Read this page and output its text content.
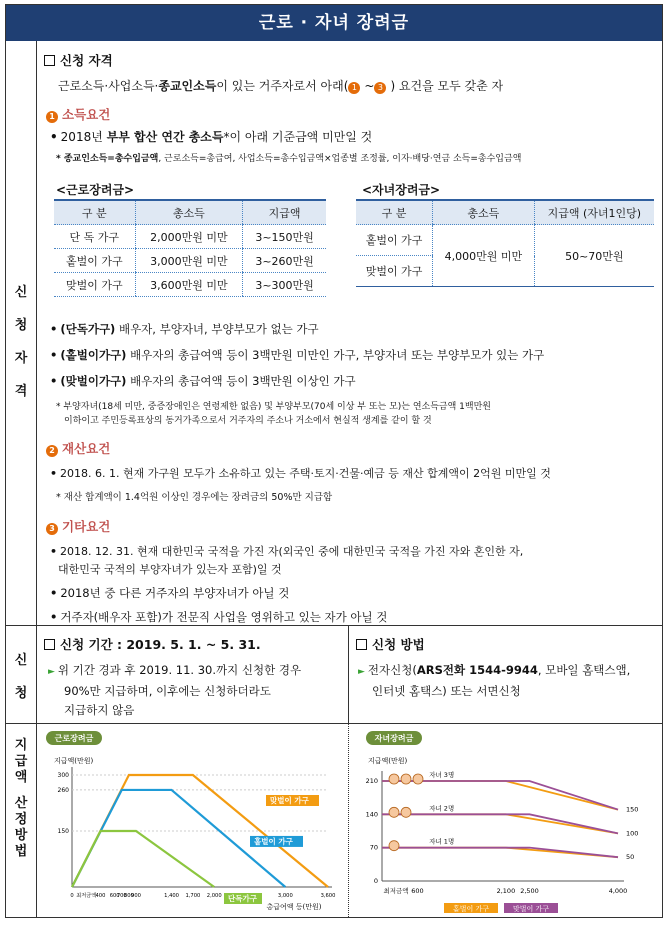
근로 · 자녀 장려금
신
청
자
격
신
청
지
급
액
산
정
방
법
신청 자격
근로소득·사업소득·종교인소득이 있는 거주자로서 아래( 1 ~ 3 ) 요건을 모두 갖춘 자
1 소득요건
• 2018년 부부 합산 연간 총소득*이 아래 기준금액 미만일 것
* 종교인소득=총수입금액, 근로소득=총급여, 사업소득=총수입금액×업종별 조정률, 이자·배당·연금 소득=총수입금액
<근로장려금>
구 분	총소득	지급액
단 독 가구	2,000만원 미만	3~150만원
홑벌이 가구	3,000만원 미만	3~260만원
맞벌이 가구	3,600만원 미만	3~300만원
<자녀장려금>
구 분	총소득	지급액 (자녀1인당)
홑벌이 가구	4,000만원 미만	50~70만원
맞벌이 가구		
• (단독가구) 배우자, 부양자녀, 부양부모가 없는 가구
• (홑벌이가구) 배우자의 총급여액 등이 3백만원 미만인 가구, 부양자녀 또는 부양부모가 있는 가구
• (맞벌이가구) 배우자의 총급여액 등이 3백만원 이상인 가구
* 부양자녀(18세 미만, 중증장애인은 연령제한 없음) 및 부양부모(70세 이상 부 또는 모)는 연소득금액 1백만원
이하이고 주민등록표상의 동거가족으로서 거주자의 주소나 거소에서 현실적 생계를 같이 할 것
2 재산요건
• 2018. 6. 1. 현재 가구원 모두가 소유하고 있는 주택·토지·건물·예금 등 재산 합계액이 2억원 미만일 것
* 재산 합계액이 1.4억원 이상인 경우에는 장려금의 50%만 지급함
3 기타요건
• 2018. 12. 31. 현재 대한민국 국적을 가진 자(외국인 중에 대한민국 국적을 가진 자와 혼인한 자,
대한민국 국적의 부양자녀가 있는자 포함)일 것
• 2018년 중 다른 거주자의 부양자녀가 아닐 것
• 거주자(배우자 포함)가 전문직 사업을 영위하고 있는 자가 아닐 것
신청 기간 : 2019. 5. 1. ~ 5. 31.
► 위 기간 경과 후 2019. 11. 30.까지 신청한 경우
90%만 지급하며, 이후에는 신청하더라도
지급하지 않음
신청 방법
► 전자신청(ARS전화 1544-9944, 모바일 홈택스앱,
인터넷 홈택스) 또는 서면신청
근로장려금
지급액(만원)
300
260
150
0 최저금액 400 600
700
800
900	1,400 1,700 2,000	3,000	3,600
맞벌이 가구
홑벌이 가구
단독가구
총급여액 등(만원)
자녀장려금
지급액(만원)
210
140
70
0
최저금액 600	2,100 2,500	4,000
150
자녀 3명
100
자녀 2명
50
자녀 1명
홑벌이 가구	맞벌이 가구
